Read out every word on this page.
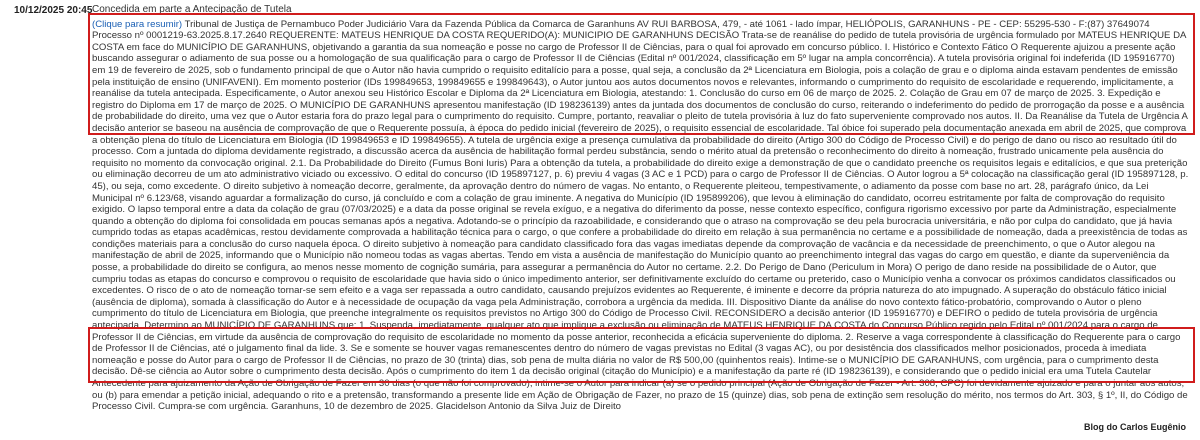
10/12/2025 20:45 Concedida em parte a Antecipação de Tutela

(Clique para resumir) Tribunal de Justiça de Pernambuco Poder Judiciário Vara da Fazenda Pública da Comarca de Garanhuns AV RUI BARBOSA, 479, - até 1061 - lado ímpar, HELIÓPOLIS, GARANHUNS - PE - CEP: 55295-530 - F:(87) 37649074 Processo nº 0001219-63.2025.8.17.2640 REQUERENTE: MATEUS HENRIQUE DA COSTA REQUERIDO(A): MUNICIPIO DE GARANHUNS DECISÃO Trata-se de reanálise do pedido de tutela provisória de urgência formulado por MATEUS HENRIQUE DA COSTA em face do MUNICÍPIO DE GARANHUNS, objetivando a garantia da sua nomeação e posse no cargo de Professor II de Ciências, para o qual foi aprovado em concurso público. I. Histórico e Contexto Fático O Requerente ajuizou a presente ação buscando assegurar o adiamento de sua posse ou a homologação de sua qualificação para o cargo de Professor II de Ciências (Edital nº 001/2024, classificação em 5º lugar na ampla concorrência). A tutela provisória original foi indeferida (ID 195916770) em 19 de fevereiro de 2025, sob o fundamento principal de que o Autor não havia cumprido o requisito editalício para a posse, qual seja, a conclusão da 2ª Licenciatura em Biologia, pois a colação de grau e o diploma ainda estavam pendentes de emissão pela instituição de ensino (UNIFAVENI). Em momento posterior (IDs 199849653, 199849655 e 199849643), o Autor juntou aos autos documentos novos e relevantes, informando o cumprimento do requisito de escolaridade e requerendo, implicitamente, a reanálise da tutela antecipada. Especificamente, o Autor anexou seu Histórico Escolar e Diploma da 2ª Licenciatura em Biologia, atestando: 1. Conclusão do curso em 06 de março de 2025. 2. Colação de Grau em 07 de março de 2025. 3. Expedição e registro do Diploma em 17 de março de 2025. O MUNICÍPIO DE GARANHUNS apresentou manifestação (ID 198236139) antes da juntada dos documentos de conclusão do curso, reiterando o indeferimento do pedido de prorrogação da posse e a ausência de probabilidade do direito, uma vez que o Autor estaria fora do prazo legal para o cumprimento do requisito. Cumpre, portanto, reavaliar o pleito de tutela provisória à luz do fato superveniente comprovado nos autos. II. Da Reanálise da Tutela de Urgência A decisão anterior se baseou na ausência de comprovação de que o Requerente possuía, à época do pedido inicial (fevereiro de 2025), o requisito essencial de escolaridade. Tal óbice foi superado pela documentação anexada em abril de 2025, que comprova a obtenção plena do título de Licenciatura em Biologia (ID 199849653 e ID 199849655). A tutela de urgência exige a presença cumulativa da probabilidade do direito (Artigo 300 do Código de Processo Civil) e do perigo de dano ou risco ao resultado útil do processo. Com a juntada do diploma devidamente registrado, a discussão acerca da ausência de habilitação formal perdeu substância, sendo o mérito atual da pretensão o reconhecimento do direito à nomeação, frustrado unicamente pela ausência do requisito no momento da convocação original. 2.1. Da Probabilidade do Direito (Fumus Boni Iuris) Para a obtenção da tutela, a probabilidade do direito exige a demonstração de que o candidato preenche os requisitos legais e editalícios, e que sua preterição ou eliminação decorreu de um ato administrativo viciado ou excessivo. O edital do concurso (ID 195897127, p. 6) previu 4 vagas (3 AC e 1 PCD) para o cargo de Professor II de Ciências. O Autor logrou a 5ª colocação na classificação geral (ID 195897128, p. 45), ou seja, como excedente. O direito subjetivo à nomeação decorre, geralmente, da aprovação dentro do número de vagas. No entanto, o Requerente pleiteou, tempestivamente, o adiamento da posse com base no art. 28, parágrafo único, da Lei Municipal nº 6.123/68, visando aguardar a formalização do curso, já concluído e com a colação de grau iminente. A negativa do Município (ID 195899206), que levou à eliminação do candidato, ocorreu estritamente por falta de comprovação do requisito exigido. O lapso temporal entre a data da colação de grau (07/03/2025) e a data da posse original se revela exíguo, e a negativa do diferimento da posse, nesse contexto específico, configura rigorismo excessivo por parte da Administração, especialmente quando a obtenção do diploma foi consolidada em poucas semanas após a negativa. Adotando-se o princípio da razoabilidade, e considerando que o atraso na comprovação se deu pela burocracia universitária, e não por culpa do candidato, que já havia cumprido todas as etapas acadêmicas, restou devidamente comprovada a habilitação técnica para o cargo, o que confere a probabilidade do direito em relação à sua permanência no certame e a possibilidade de nomeação, dada a preexistência de todas as condições materiais para a conclusão do curso naquela época. O direito subjetivo à nomeação para candidato classificado fora das vagas imediatas depende da comprovação de vacância e da necessidade de preenchimento, o que o Autor alegou na manifestação de abril de 2025, informando que o Município não nomeou todas as vagas abertas. Tendo em vista a ausência de manifestação do Município quanto ao preenchimento integral das vagas do cargo em questão, e diante da superveniência da posse, a probabilidade do direito se configura, ao menos nesse momento de cognição sumária, para assegurar a permanência do Autor no certame. 2.2. Do Perigo de Dano (Periculum in Mora) O perigo de dano reside na possibilidade de o Autor, que cumpriu todas as etapas do concurso e comprovou o requisito de escolaridade que havia sido o único impedimento anterior, ser definitivamente excluído do certame ou preterido, caso o Município venha a convocar os próximos candidatos classificados ou excedentes. O risco de o ato de nomeação tornar-se sem efeito e a vaga ser repassada a outro candidato, causando prejuízos evidentes ao Requerente, é iminente e decorre da própria natureza do ato impugnado. A superação do obstáculo fático inicial (ausência de diploma), somada à classificação do Autor e à necessidade de ocupação da vaga pela Administração, corrobora a urgência da medida. III. Dispositivo Diante da análise do novo contexto fático-probatório, comprovando o Autor o pleno cumprimento do título de Licenciatura em Biologia, que preenche integralmente os requisitos previstos no Artigo 300 do Código de Processo Civil. RECONSIDERO a decisão anterior (ID 195916770) e DEFIRO o pedido de tutela provisória de urgência antecipada. Determino ao MUNICÍPIO DE GARANHUNS que: 1. Suspenda, imediatamente, qualquer ato que implique a exclusão ou eliminação de MATEUS HENRIQUE DA COSTA do Concurso Público regido pelo Edital nº 001/2024 para o cargo de Professor II de Ciências, em virtude da ausência de comprovação do requisito de escolaridade no momento da posse anterior, reconhecida a eficácia superveniente do diploma. 2. Reserve a vaga correspondente à classificação do Requerente para o cargo de Professor II de Ciências, até o julgamento final da lide. 3. Se e somente se houver vagas remanescentes dentro do número de vagas previstas no Edital (3 vagas AC), ou por desistência dos classificados melhor posicionados, proceda à imediata nomeação e posse do Autor para o cargo de Professor II de Ciências, no prazo de 30 (trinta) dias, sob pena de multa diária no valor de R$ 500,00 (quinhentos reais). Intime-se o MUNICÍPIO DE GARANHUNS, com urgência, para o cumprimento desta decisão. Dê-se ciência ao Autor sobre o cumprimento desta decisão. Após o cumprimento do item 1 da decisão original (citação do Município) e a manifestação da parte ré (ID 198236139), e considerando que o pedido inicial era uma Tutela Cautelar Antecedente para ajuizamento da Ação de Obrigação de Fazer em 30 dias (o que não foi comprovado), intime-se o Autor para indicar (a) se o pedido principal (Ação de Obrigação de Fazer - Art. 308, CPC) foi devidamente ajuizado e para o juntar aos autos; ou (b) para emendar a petição inicial, adequando o rito e a pretensão, transformando a presente lide em Ação de Obrigação de Fazer, no prazo de 15 (quinze) dias, sob pena de extinção sem resolução do mérito, nos termos do Art. 303, § 1º, II, do Código de Processo Civil. Cumpra-se com urgência. Garanhuns, 10 de dezembro de 2025. Glacidelson Antonio da Silva Juiz de Direito

Blog do Carlos Eugênio
